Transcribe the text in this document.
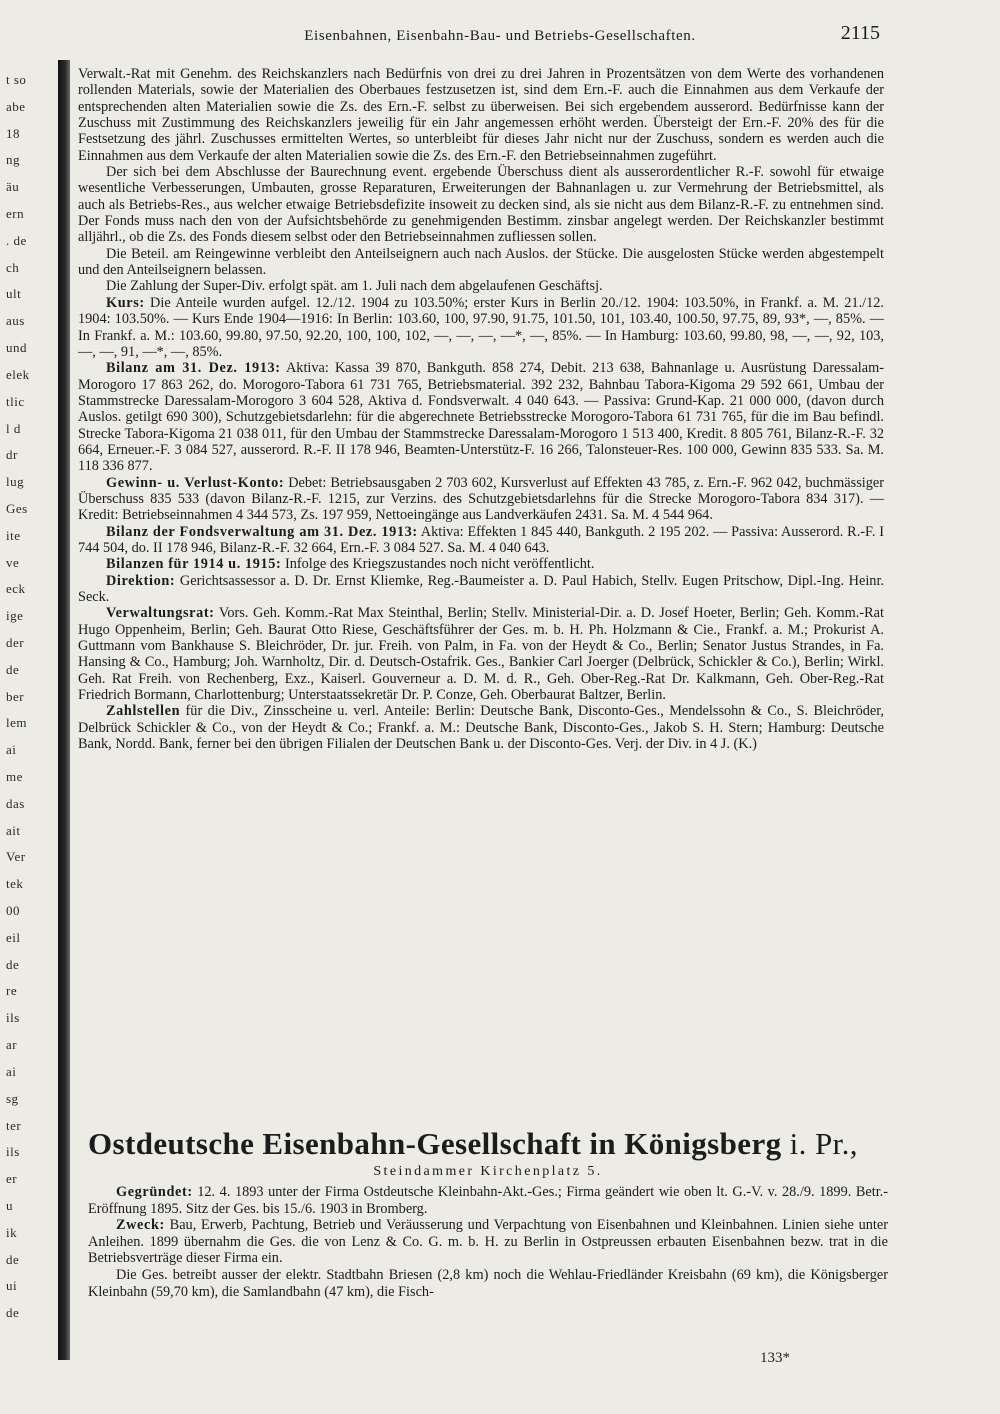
t so
abe
18
ng
äu
ern
. de
ch
ult
aus
und
elek
tlic
l d
dr
lug
Ges
ite
ve
eck
ige
der
de
ber
lem
ai
me
das
ait
Ver
tek
00
eil
de
re
ils
ar
ai
sg
ter
ils
er
u
ik
de
ui
de
Eisenbahnen, Eisenbahn-Bau- und Betriebs-Gesellschaften.	2115

Verwalt.-Rat mit Genehm. des Reichskanzlers nach Bedürfnis von drei zu drei Jahren in Prozentsätzen von dem Werte des vorhandenen rollenden Materials, sowie der Materialien des Oberbaues festzusetzen ist, sind dem Ern.-F. auch die Einnahmen aus dem Verkaufe der entsprechenden alten Materialien sowie die Zs. des Ern.-F. selbst zu überweisen. Bei sich ergebendem ausserord. Bedürfnisse kann der Zuschuss mit Zustimmung des Reichskanzlers jeweilig für ein Jahr angemessen erhöht werden. Übersteigt der Ern.-F. 20% des für die Festsetzung des jährl. Zuschusses ermittelten Wertes, so unterbleibt für dieses Jahr nicht nur der Zuschuss, sondern es werden auch die Einnahmen aus dem Verkaufe der alten Materialien sowie die Zs. des Ern.-F. den Betriebseinnahmen zugeführt.

Der sich bei dem Abschlusse der Baurechnung event. ergebende Überschuss dient als ausserordentlicher R.-F. sowohl für etwaige wesentliche Verbesserungen, Umbauten, grosse Reparaturen, Erweiterungen der Bahnanlagen u. zur Vermehrung der Betriebsmittel, als auch als Betriebs-Res., aus welcher etwaige Betriebsdefizite insoweit zu decken sind, als sie nicht aus dem Bilanz-R.-F. zu entnehmen sind. Der Fonds muss nach den von der Aufsichtsbehörde zu genehmigenden Bestimm. zinsbar angelegt werden. Der Reichskanzler bestimmt alljährl., ob die Zs. des Fonds diesem selbst oder den Betriebseinnahmen zufliessen sollen.

Die Beteil. am Reingewinne verbleibt den Anteilseignern auch nach Auslos. der Stücke. Die ausgelosten Stücke werden abgestempelt und den Anteilseignern belassen.

Die Zahlung der Super-Div. erfolgt spät. am 1. Juli nach dem abgelaufenen Geschäftsj.

Kurs: Die Anteile wurden aufgel. 12./12. 1904 zu 103.50%; erster Kurs in Berlin 20./12. 1904: 103.50%, in Frankf. a. M. 21./12. 1904: 103.50%. — Kurs Ende 1904—1916: In Berlin: 103.60, 100, 97.90, 91.75, 101.50, 101, 103.40, 100.50, 97.75, 89, 93*, —, 85%. — In Frankf. a. M.: 103.60, 99.80, 97.50, 92.20, 100, 100, 102, —, —, —, —*, —, 85%. — In Hamburg: 103.60, 99.80, 98, —, —, 92, 103, —, —, 91, —*, —, 85%.

Bilanz am 31. Dez. 1913: Aktiva: Kassa 39 870, Bankguth. 858 274, Debit. 213 638, Bahnanlage u. Ausrüstung Daressalam-Morogoro 17 863 262, do. Morogoro-Tabora 61 731 765, Betriebsmaterial. 392 232, Bahnbau Tabora-Kigoma 29 592 661, Umbau der Stammstrecke Daressalam-Morogoro 3 604 528, Aktiva d. Fondsverwalt. 4 040 643. — Passiva: Grund-Kap. 21 000 000, (davon durch Auslos. getilgt 690 300), Schutzgebietsdarlehn: für die abgerechnete Betriebsstrecke Morogoro-Tabora 61 731 765, für die im Bau befindl. Strecke Tabora-Kigoma 21 038 011, für den Umbau der Stammstrecke Daressalam-Morogoro 1 513 400, Kredit. 8 805 761, Bilanz-R.-F. 32 664, Erneuer.-F. 3 084 527, ausserord. R.-F. II 178 946, Beamten-Unterstütz-F. 16 266, Talonsteuer-Res. 100 000, Gewinn 835 533. Sa. M. 118 336 877.

Gewinn- u. Verlust-Konto: Debet: Betriebsausgaben 2 703 602, Kursverlust auf Effekten 43 785, z. Ern.-F. 962 042, buchmässiger Überschuss 835 533 (davon Bilanz-R.-F. 1215, zur Verzins. des Schutzgebietsdarlehns für die Strecke Morogoro-Tabora 834 317). — Kredit: Betriebseinnahmen 4 344 573, Zs. 197 959, Nettoeingänge aus Landverkäufen 2431. Sa. M. 4 544 964.

Bilanz der Fondsverwaltung am 31. Dez. 1913: Aktiva: Effekten 1 845 440, Bankguth. 2 195 202. — Passiva: Ausserord. R.-F. I 744 504, do. II 178 946, Bilanz-R.-F. 32 664, Ern.-F. 3 084 527. Sa. M. 4 040 643.

Bilanzen für 1914 u. 1915: Infolge des Kriegszustandes noch nicht veröffentlicht.

Direktion: Gerichtsassessor a. D. Dr. Ernst Kliemke, Reg.-Baumeister a. D. Paul Habich, Stellv. Eugen Pritschow, Dipl.-Ing. Heinr. Seck.

Verwaltungsrat: Vors. Geh. Komm.-Rat Max Steinthal, Berlin; Stellv. Ministerial-Dir. a. D. Josef Hoeter, Berlin; Geh. Komm.-Rat Hugo Oppenheim, Berlin; Geh. Baurat Otto Riese, Geschäftsführer der Ges. m. b. H. Ph. Holzmann & Cie., Frankf. a. M.; Prokurist A. Guttmann vom Bankhause S. Bleichröder, Dr. jur. Freih. von Palm, in Fa. von der Heydt & Co., Berlin; Senator Justus Strandes, in Fa. Hansing & Co., Hamburg; Joh. Warnholtz, Dir. d. Deutsch-Ostafrik. Ges., Bankier Carl Joerger (Delbrück, Schickler & Co.), Berlin; Wirkl. Geh. Rat Freih. von Rechenberg, Exz., Kaiserl. Gouverneur a. D. M. d. R., Geh. Ober-Reg.-Rat Dr. Kalkmann, Geh. Ober-Reg.-Rat Friedrich Bormann, Charlottenburg; Unterstaatssekretär Dr. P. Conze, Geh. Oberbaurat Baltzer, Berlin.

Zahlstellen für die Div., Zinsscheine u. verl. Anteile: Berlin: Deutsche Bank, Disconto-Ges., Mendelssohn & Co., S. Bleichröder, Delbrück Schickler & Co., von der Heydt & Co.; Frankf. a. M.: Deutsche Bank, Disconto-Ges., Jakob S. H. Stern; Hamburg: Deutsche Bank, Nordd. Bank, ferner bei den übrigen Filialen der Deutschen Bank u. der Disconto-Ges. Verj. der Div. in 4 J. (K.)

Ostdeutsche Eisenbahn-Gesellschaft in Königsberg i. Pr.,
Steindammer Kirchenplatz 5.

Gegründet: 12. 4. 1893 unter der Firma Ostdeutsche Kleinbahn-Akt.-Ges.; Firma geändert wie oben lt. G.-V. v. 28./9. 1899. Betr.-Eröffnung 1895. Sitz der Ges. bis 15./6. 1903 in Bromberg.

Zweck: Bau, Erwerb, Pachtung, Betrieb und Veräusserung und Verpachtung von Eisenbahnen und Kleinbahnen. Linien siehe unter Anleihen. 1899 übernahm die Ges. die von Lenz & Co. G. m. b. H. zu Berlin in Ostpreussen erbauten Eisenbahnen bezw. trat in die Betriebsverträge dieser Firma ein.

Die Ges. betreibt ausser der elektr. Stadtbahn Briesen (2,8 km) noch die Wehlau-Friedländer Kreisbahn (69 km), die Königsberger Kleinbahn (59,70 km), die Samlandbahn (47 km), die Fisch-

133*
